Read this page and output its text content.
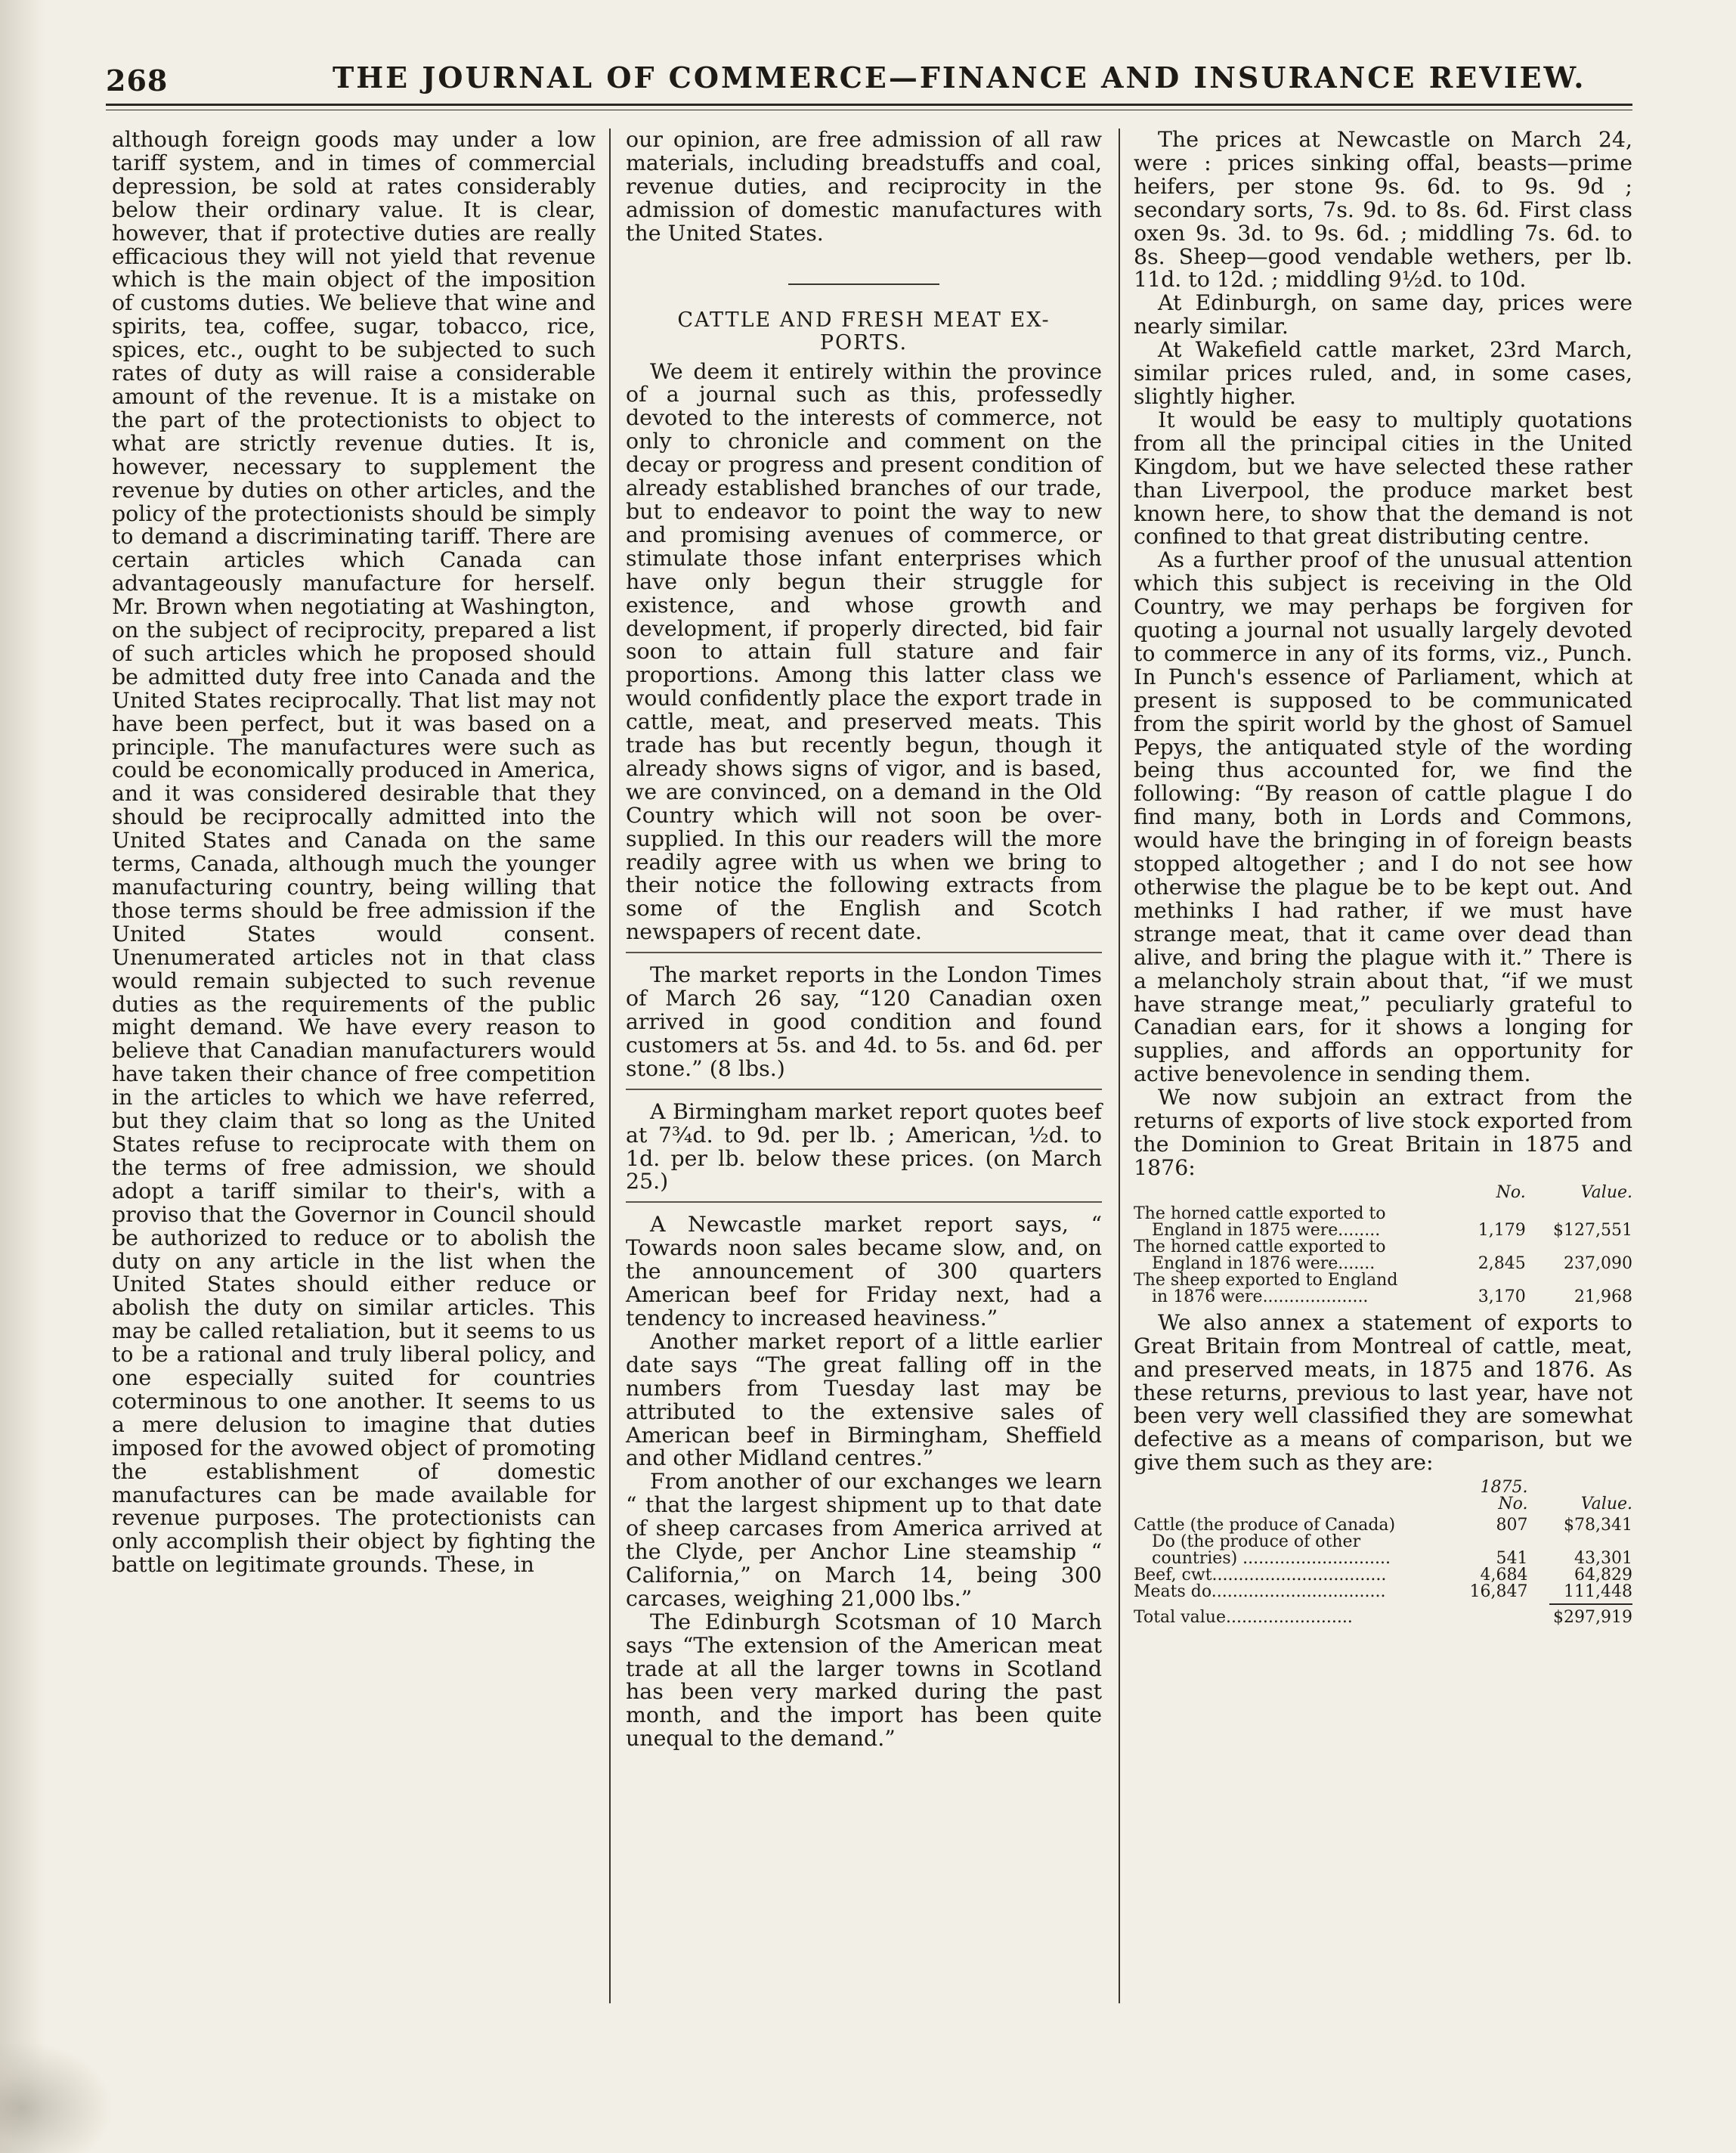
268	THE JOURNAL OF COMMERCE—FINANCE AND INSURANCE REVIEW.

although foreign goods may under a low tariff system, and in times of commercial depression, be sold at rates considerably below their ordinary value. It is clear, however, that if protective duties are really efficacious they will not yield that revenue which is the main object of the imposition of customs duties. We believe that wine and spirits, tea, coffee, sugar, tobacco, rice, spices, etc., ought to be subjected to such rates of duty as will raise a considerable amount of the revenue. It is a mistake on the part of the protectionists to object to what are strictly revenue duties. It is, however, necessary to supplement the revenue by duties on other articles, and the policy of the protectionists should be simply to demand a discriminating tariff. There are certain articles which Canada can advantageously manufacture for herself. Mr. Brown when negotiating at Washington, on the subject of reciprocity, prepared a list of such articles which he proposed should be admitted duty free into Canada and the United States reciprocally. That list may not have been perfect, but it was based on a principle. The manufactures were such as could be economically produced in America, and it was considered desirable that they should be reciprocally admitted into the United States and Canada on the same terms, Canada, although much the younger manufacturing country, being willing that those terms should be free admission if the United States would consent. Unenumerated articles not in that class would remain subjected to such revenue duties as the requirements of the public might demand. We have every reason to believe that Canadian manufacturers would have taken their chance of free competition in the articles to which we have referred, but they claim that so long as the United States refuse to reciprocate with them on the terms of free admission, we should adopt a tariff similar to their's, with a proviso that the Governor in Council should be authorized to reduce or to abolish the duty on any article in the list when the United States should either reduce or abolish the duty on similar articles. This may be called retaliation, but it seems to us to be a rational and truly liberal policy, and one especially suited for countries coterminous to one another. It seems to us a mere delusion to imagine that duties imposed for the avowed object of promoting the establishment of domestic manufactures can be made available for revenue purposes. The protectionists can only accomplish their object by fighting the battle on legitimate grounds. These, in

our opinion, are free admission of all raw materials, including breadstuffs and coal, revenue duties, and reciprocity in the admission of domestic manufactures with the United States.

CATTLE AND FRESH MEAT EX-
PORTS.

We deem it entirely within the province of a journal such as this, professedly devoted to the interests of commerce, not only to chronicle and comment on the decay or progress and present condition of already established branches of our trade, but to endeavor to point the way to new and promising avenues of commerce, or stimulate those infant enterprises which have only begun their struggle for existence, and whose growth and development, if properly directed, bid fair soon to attain full stature and fair proportions. Among this latter class we would confidently place the export trade in cattle, meat, and preserved meats. This trade has but recently begun, though it already shows signs of vigor, and is based, we are convinced, on a demand in the Old Country which will not soon be over-supplied. In this our readers will the more readily agree with us when we bring to their notice the following extracts from some of the English and Scotch newspapers of recent date.

The market reports in the London Times of March 26 say, “120 Canadian oxen arrived in good condition and found customers at 5s. and 4d. to 5s. and 6d. per stone.” (8 lbs.)

A Birmingham market report quotes beef at 7¾d. to 9d. per lb. ; American, ½d. to 1d. per lb. below these prices. (on March 25.)

A Newcastle market report says, “ Towards noon sales became slow, and, on the announcement of 300 quarters American beef for Friday next, had a tendency to increased heaviness.”

Another market report of a little earlier date says “The great falling off in the numbers from Tuesday last may be attributed to the extensive sales of American beef in Birmingham, Sheffield and other Midland centres.”

From another of our exchanges we learn “ that the largest shipment up to that date of sheep carcases from America arrived at the Clyde, per Anchor Line steamship “ California,” on March 14, being 300 carcases, weighing 21,000 lbs.”

The Edinburgh Scotsman of 10 March says “The extension of the American meat trade at all the larger towns in Scotland has been very marked during the past month, and the import has been quite unequal to the demand.”

The prices at Newcastle on March 24, were : prices sinking offal, beasts—prime heifers, per stone 9s. 6d. to 9s. 9d ; secondary sorts, 7s. 9d. to 8s. 6d. First class oxen 9s. 3d. to 9s. 6d. ; middling 7s. 6d. to 8s. Sheep—good vendable wethers, per lb. 11d. to 12d. ; middling 9½d. to 10d.

At Edinburgh, on same day, prices were nearly similar.

At Wakefield cattle market, 23rd March, similar prices ruled, and, in some cases, slightly higher.

It would be easy to multiply quotations from all the principal cities in the United Kingdom, but we have selected these rather than Liverpool, the produce market best known here, to show that the demand is not confined to that great distributing centre.

As a further proof of the unusual attention which this subject is receiving in the Old Country, we may perhaps be forgiven for quoting a journal not usually largely devoted to commerce in any of its forms, viz., Punch. In Punch's essence of Parliament, which at present is supposed to be communicated from the spirit world by the ghost of Samuel Pepys, the antiquated style of the wording being thus accounted for, we find the following: “By reason of cattle plague I do find many, both in Lords and Commons, would have the bringing in of foreign beasts stopped altogether ; and I do not see how otherwise the plague be to be kept out. And methinks I had rather, if we must have strange meat, that it came over dead than alive, and bring the plague with it.” There is a melancholy strain about that, “if we must have strange meat,” peculiarly grateful to Canadian ears, for it shows a longing for supplies, and affords an opportunity for active benevolence in sending them.

We now subjoin an extract from the returns of exports of live stock exported from the Dominion to Great Britain in 1875 and 1876:

	No.	Value.

The horned cattle exported to
England in 1875 were........	1,179	$127,551

The horned cattle exported to
England in 1876 were.......	2,845	237,090

The sheep exported to England
in 1876 were....................	3,170	21,968

We also annex a statement of exports to Great Britain from Montreal of cattle, meat, and preserved meats, in 1875 and 1876. As these returns, previous to last year, have not been very well classified they are somewhat defective as a means of comparison, but we give them such as they are:

	1875.	
	No.	Value.
Cattle (the produce of Canada)	807	$78,341

Do (the produce of other
countries) ............................	541	43,301
Beef, cwt.................................	4,684	64,829
Meats do.................................	16,847	111,448

Total value........................		$297,919
